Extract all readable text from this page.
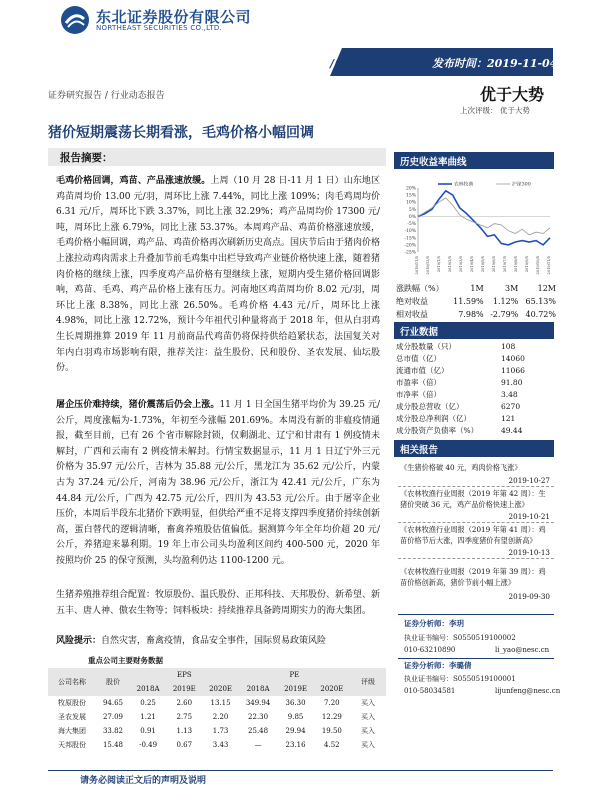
东北证券股份有限公司
NORTHEAST SECURITIES CO.,LTD.
/农林牧渔	发布时间：2019-11-04
证券研究报告 / 行业动态报告	优于大势
上次评级： 优于大势
猪价短期震荡长期看涨，毛鸡价格小幅回调
报告摘要：
毛鸡价格回调，鸡苗、产品涨速放缓。上周（10 月 28 日-11 月 1 日）山东地区鸡苗周均价 13.00 元/羽，周环比上涨 7.44%，同比上涨 109%；肉毛鸡周均价 6.31 元/斤，周环比下跌 3.37%，同比上涨 32.29%；鸡产品周均价 17300 元/吨，周环比上涨 6.79%，同比上涨 53.37%。本周鸡产品、鸡苗价格涨速放缓，毛鸡价格小幅回调，鸡产品、鸡苗价格再次刷新历史高点。国庆节后由于猪肉价格上涨拉动鸡肉需求上升叠加节前毛鸡集中出栏导致鸡产业链价格快速上涨，随着猪肉价格的继续上涨，四季度鸡产品价格有望继续上涨，短期内受生猪价格回调影响，鸡苗、毛鸡、鸡产品价格上涨有压力。河南地区鸡苗周均价 8.02 元/羽，周环比上涨 8.38%，同比上涨 26.50%。毛鸡价格 4.43 元/斤，周环比上涨 4.98%，同比上涨 12.72%，预计今年祖代引种量将高于 2018 年，但从白羽鸡生长周期推算 2019 年 11 月前商品代鸡苗仍将保持供给趋紧状态，法国复关对年内白羽鸡市场影响有限，推荐关注：益生股份、民和股份、圣农发展、仙坛股份。
屠企压价难持续，猪价震荡后仍会上涨。11 月 1 日全国生猪平均价为 39.25 元/公斤，周度涨幅为-1.73%，年初至今涨幅 201.69%。本周没有新的非瘟疫情通报，截至目前，已有 26 个省市解除封锁，仅剩湖北、辽宁和甘肃有 1 例疫情未解封，广西和云南有 2 例疫情未解封。行情宝数据显示，11 月 1 日辽宁外三元价格为 35.97 元/公斤，吉林为 35.88 元/公斤，黑龙江为 35.62 元/公斤，内蒙古为 37.24 元/公斤，河南为 38.96 元/公斤，浙江为 42.41 元/公斤，广东为 44.84 元/公斤，广西为 42.75 元/公斤，四川为 43.53 元/公斤。由于屠宰企业压价，本周后半段东北猪价下跌明显，但供给严重不足将支撑四季度猪价持续创新高，蛋白替代的逻辑清晰，畜禽养殖股估值偏低。据测算今年全年均价超 20 元/公斤，养猪迎来暴利期。19 年上市公司头均盈利区间约 400-500 元，2020 年按照均价 25 的保守预测，头均盈利仍达 1100-1200 元。
生猪养殖推荐组合配置：牧原股份、温氏股份、正邦科技、天邦股份、新希望、新五丰、唐人神、傲农生物等；饲料板块：持续推荐具备跨周期实力的海大集团。
风险提示：自然灾害，畜禽疫情，食品安全事件，国际贸易政策风险
历史收益率曲线
20%
15%
10%
5%
0%
-5%
-10%
-15%
-20%
-25%
2018/11/5 2018/12/5 2019/1/5 2019/2/5 2019/3/5 2019/4/5 2019/5/5 2019/6/5 2019/7/5 2019/8/5 2019/9/5 2019/10/5 2019/11/5
农林牧渔	沪深300
涨跌幅（%）	1M	3M	12M
绝对收益	11.59%	1.12%	65.13%
相对收益	7.98%	-2.79%	40.72%
行业数据
成分股数量（只）	108
总市值（亿）	14060
流通市值（亿）	11066
市盈率（倍）	91.80
市净率（倍）	3.48
成分股总营收（亿）	6270
成分股总净利润（亿）	121
成分股资产负债率（%）	49.44
相关报告
《生猪价格破 40 元，鸡肉价格飞涨》
2019-10-27
《农林牧渔行业周报（2019 年第 42 周）：生猪价突破 36 元，鸡产品价格快速上涨》
2019-10-21
《农林牧渔行业周报（2019 年第 41 周）：鸡苗价格节后大涨，四季度猪价有望创新高》
2019-10-13
《农林牧渔行业周报（2019 年第 39 周）：鸡苗价格创新高，猪价节前小幅上涨》
2019-09-30
证券分析师：李玥
执业证书编号：S0550519100002
010-63210890	li_yao@nesc.cn
证券分析师：李璐倩
执业证书编号：S0550519100001
010-58034581	lijunfeng@nesc.cn
重点公司主要财务数据
公司名称	股价	EPS			PE			评级
		2018A	2019E	2020E	2018A	2019E	2020E	
牧原股份	94.65	0.25	2.60	13.15	349.94	36.30	7.20	买入
圣农发展	27.09	1.21	2.75	2.20	22.30	9.85	12.29	买入
海大集团	33.82	0.91	1.13	1.73	25.48	29.94	19.50	买入
天邦股份	15.48	-0.49	0.67	3.43	—	23.16	4.52	买入
请务必阅读正文后的声明及说明
